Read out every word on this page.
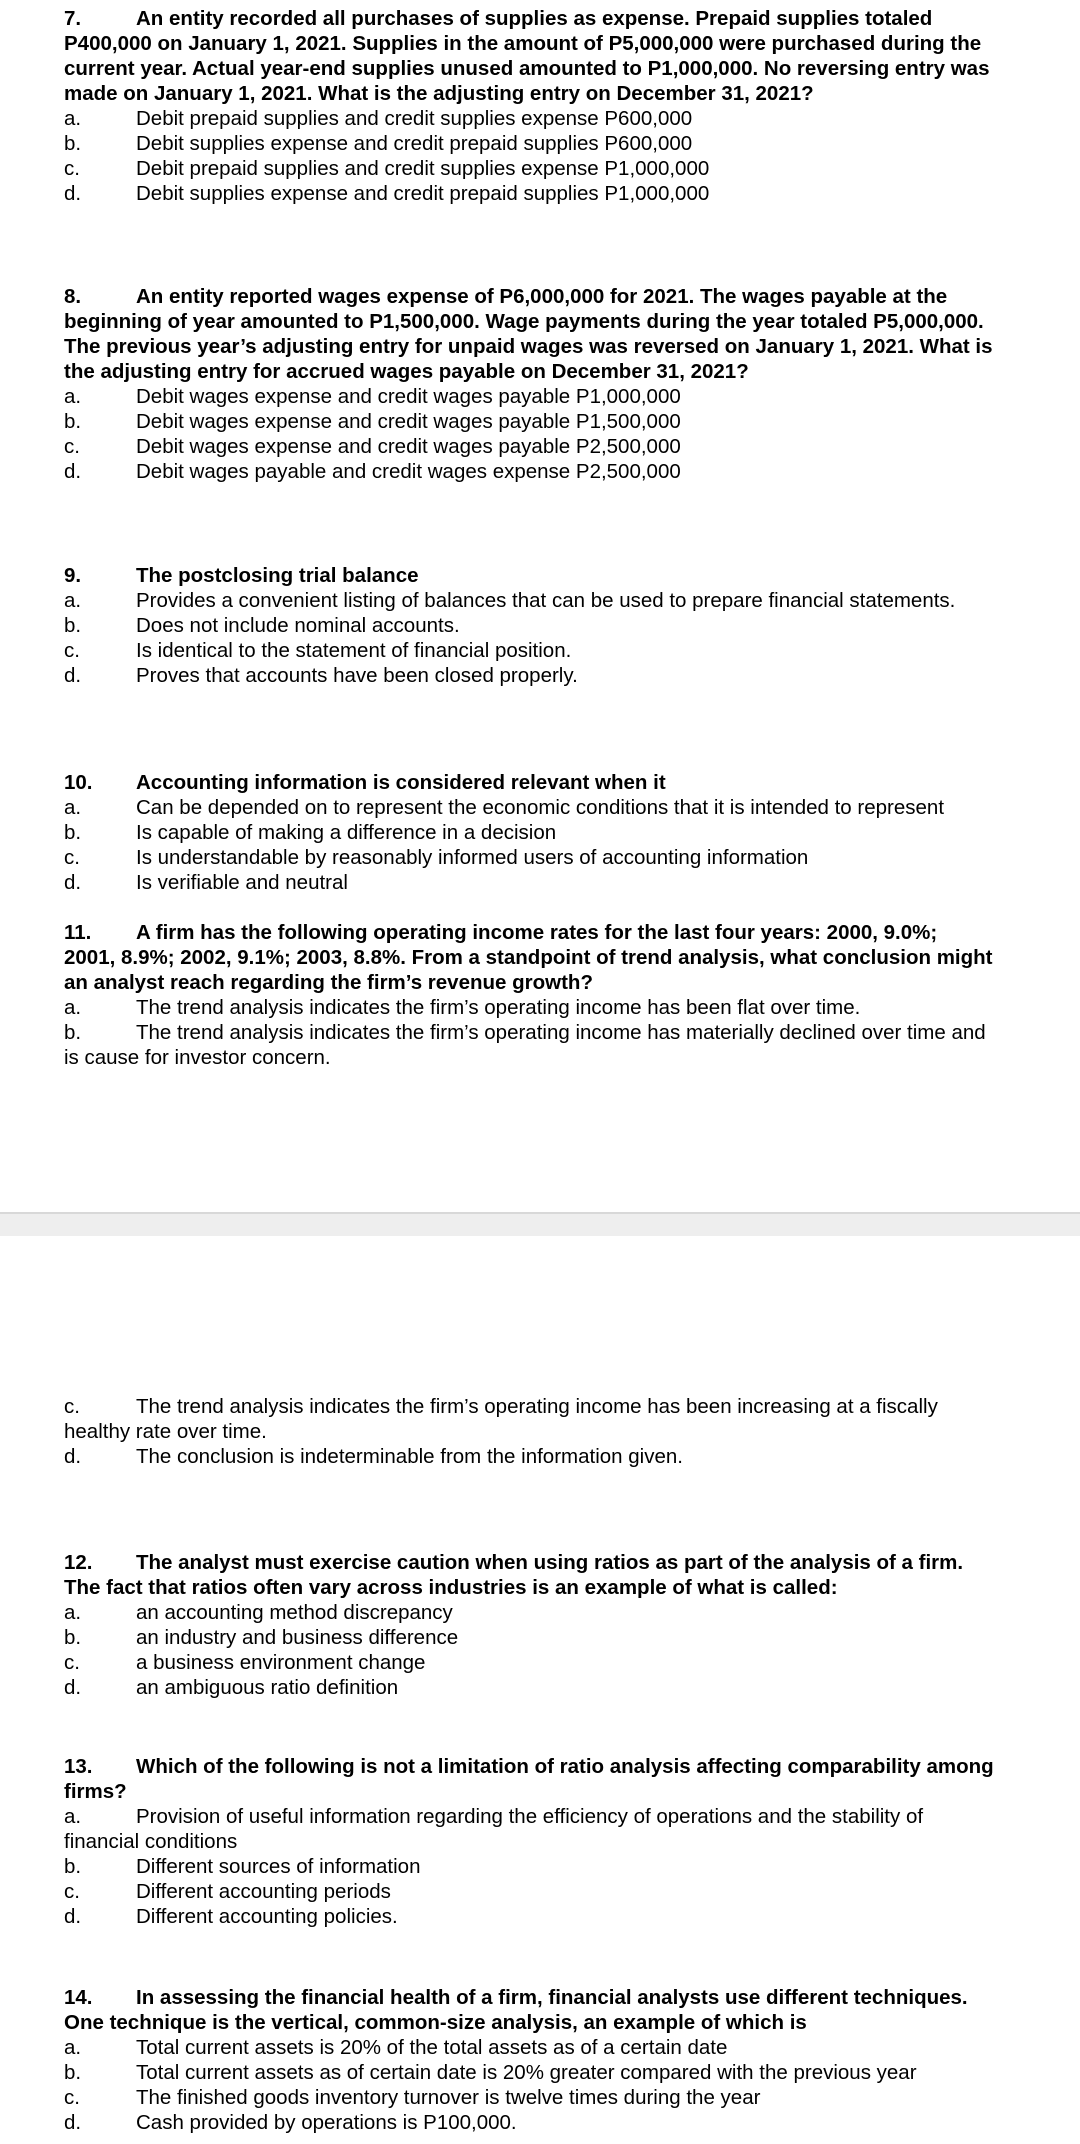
7.	An entity recorded all purchases of supplies as expense. Prepaid supplies totaled P400,000 on January 1, 2021. Supplies in the amount of P5,000,000 were purchased during the current year. Actual year-end supplies unused amounted to P1,000,000. No reversing entry was made on January 1, 2021. What is the adjusting entry on December 31, 2021?
a.	Debit prepaid supplies and credit supplies expense P600,000
b.	Debit supplies expense and credit prepaid supplies P600,000
c.	Debit prepaid supplies and credit supplies expense P1,000,000
d.	Debit supplies expense and credit prepaid supplies P1,000,000
8.	An entity reported wages expense of P6,000,000 for 2021. The wages payable at the beginning of year amounted to P1,500,000. Wage payments during the year totaled P5,000,000. The previous year’s adjusting entry for unpaid wages was reversed on January 1, 2021. What is the adjusting entry for accrued wages payable on December 31, 2021?
a.	Debit wages expense and credit wages payable P1,000,000
b.	Debit wages expense and credit wages payable P1,500,000
c.	Debit wages expense and credit wages payable P2,500,000
d.	Debit wages payable and credit wages expense P2,500,000
9.	The postclosing trial balance
a.	Provides a convenient listing of balances that can be used to prepare financial statements.
b.	Does not include nominal accounts.
c.	Is identical to the statement of financial position.
d.	Proves that accounts have been closed properly.
10. Accounting information is considered relevant when it
a.	Can be depended on to represent the economic conditions that it is intended to represent
b.	Is capable of making a difference in a decision
c.	Is understandable by reasonably informed users of accounting information
d.	Is verifiable and neutral
11. A firm has the following operating income rates for the last four years: 2000, 9.0%; 2001, 8.9%; 2002, 9.1%; 2003, 8.8%. From a standpoint of trend analysis, what conclusion might an analyst reach regarding the firm’s revenue growth?
a.	The trend analysis indicates the firm’s operating income has been flat over time.
b.	The trend analysis indicates the firm’s operating income has materially declined over time and is cause for investor concern.
c.	The trend analysis indicates the firm’s operating income has been increasing at a fiscally healthy rate over time.
d.	The conclusion is indeterminable from the information given.
12. The analyst must exercise caution when using ratios as part of the analysis of a firm. The fact that ratios often vary across industries is an example of what is called:
a.	an accounting method discrepancy
b.	an industry and business difference
c.	a business environment change
d.	an ambiguous ratio definition
13. Which of the following is not a limitation of ratio analysis affecting comparability among firms?
a.	Provision of useful information regarding the efficiency of operations and the stability of financial conditions
b.	Different sources of information
c.	Different accounting periods
d.	Different accounting policies.
14. In assessing the financial health of a firm, financial analysts use different techniques. One technique is the vertical, common-size analysis, an example of which is
a.	Total current assets is 20% of the total assets as of a certain date
b.	Total current assets as of certain date is 20% greater compared with the previous year
c.	The finished goods inventory turnover is twelve times during the year
d.	Cash provided by operations is P100,000.
